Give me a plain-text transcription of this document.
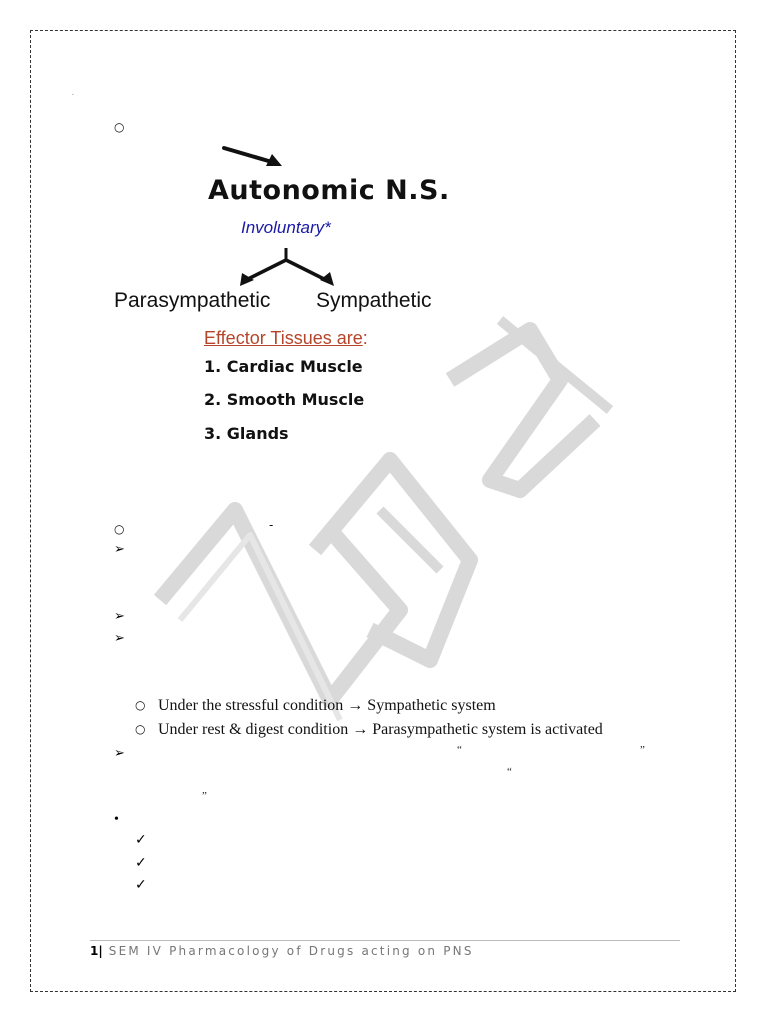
·
○
Autonomic N.S.
Involuntary*
Parasympathetic Sympathetic
Effector Tissues are:
1. Cardiac Muscle
2. Smooth Muscle
3. Glands
○	-
➢
➢
➢
○ Under the stressful condition → Sympathetic system
○ Under rest & digest condition → Parasympathetic system is activated
➢	“	”
“
”
•
✓
✓
✓
1| SEM IV Pharmacology of Drugs acting on PNS
